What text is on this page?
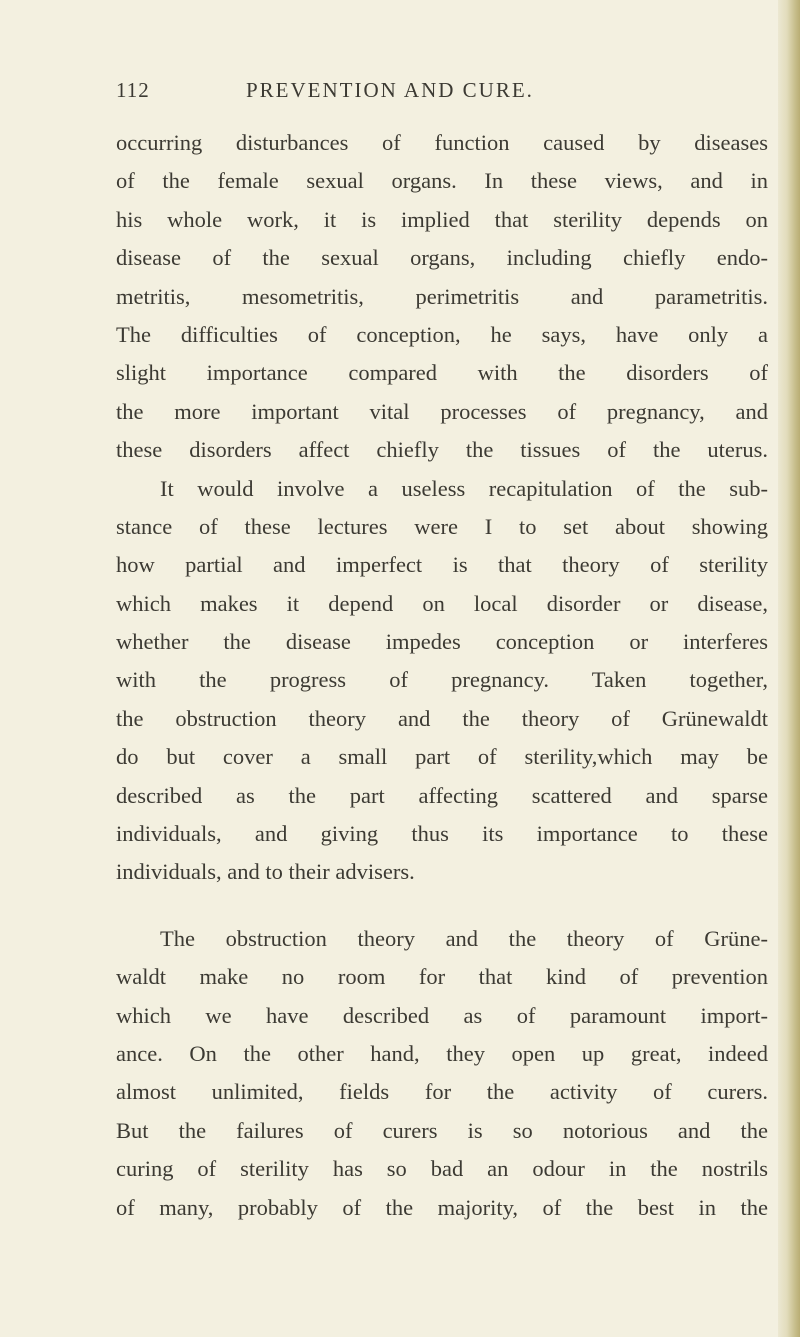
112	PREVENTION AND CURE.
occurring disturbances of function caused by diseases
of the female sexual organs. In these views, and in
his whole work, it is implied that sterility depends on
disease of the sexual organs, including chiefly endo-
metritis, mesometritis, perimetritis and parametritis.
The difficulties of conception, he says, have only a
slight importance compared with the disorders of
the more important vital processes of pregnancy, and
these disorders affect chiefly the tissues of the uterus.
It would involve a useless recapitulation of the sub-
stance of these lectures were I to set about showing
how partial and imperfect is that theory of sterility
which makes it depend on local disorder or disease,
whether the disease impedes conception or interferes
with the progress of pregnancy. Taken together,
the obstruction theory and the theory of Grünewaldt
do but cover a small part of sterility,which may be
described as the part affecting scattered and sparse
individuals, and giving thus its importance to these
individuals, and to their advisers.
The obstruction theory and the theory of Grüne-
waldt make no room for that kind of prevention
which we have described as of paramount import-
ance. On the other hand, they open up great, indeed
almost unlimited, fields for the activity of curers.
But the failures of curers is so notorious and the
curing of sterility has so bad an odour in the nostrils
of many, probably of the majority, of the best in the
